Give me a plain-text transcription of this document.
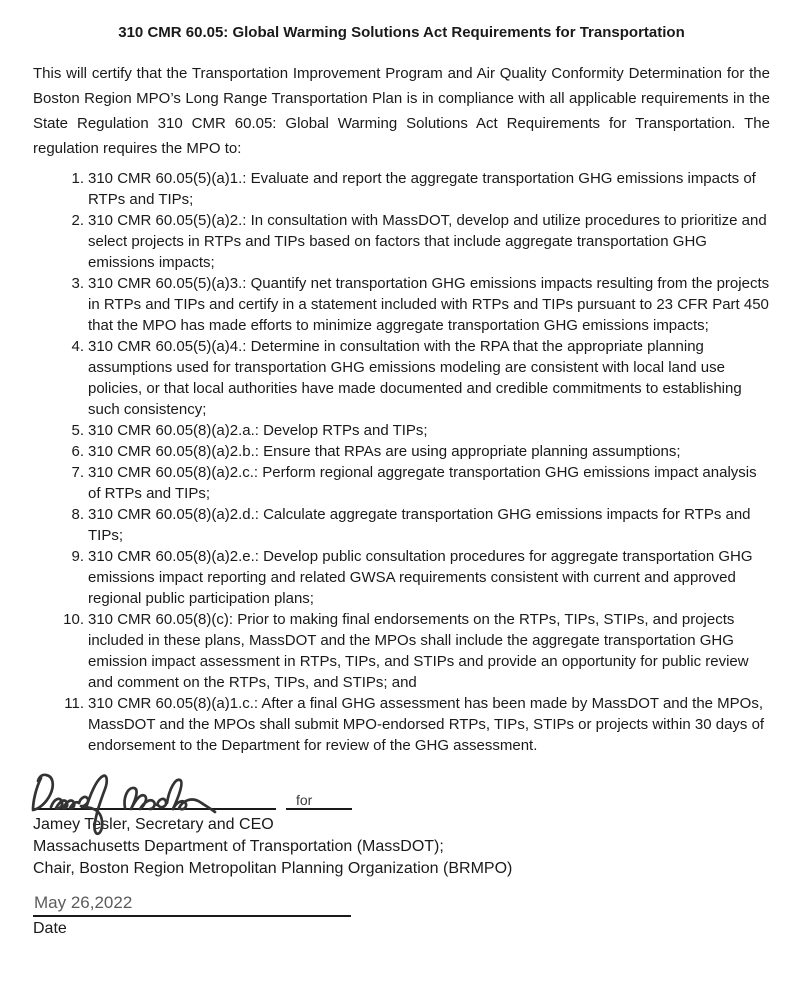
310 CMR 60.05: Global Warming Solutions Act Requirements for Transportation

This will certify that the Transportation Improvement Program and Air Quality Conformity Determination for the Boston Region MPO’s Long Range Transportation Plan is in compliance with all applicable requirements in the State Regulation 310 CMR 60.05: Global Warming Solutions Act Requirements for Transportation. The regulation requires the MPO to:

310 CMR 60.05(5)(a)1.: Evaluate and report the aggregate transportation GHG emissions impacts of RTPs and TIPs;
310 CMR 60.05(5)(a)2.: In consultation with MassDOT, develop and utilize procedures to prioritize and select projects in RTPs and TIPs based on factors that include aggregate transportation GHG emissions impacts;
310 CMR 60.05(5)(a)3.: Quantify net transportation GHG emissions impacts resulting from the projects in RTPs and TIPs and certify in a statement included with RTPs and TIPs pursuant to 23 CFR Part 450 that the MPO has made efforts to minimize aggregate transportation GHG emissions impacts;
310 CMR 60.05(5)(a)4.: Determine in consultation with the RPA that the appropriate planning assumptions used for transportation GHG emissions modeling are consistent with local land use policies, or that local authorities have made documented and credible commitments to establishing such consistency;
310 CMR 60.05(8)(a)2.a.: Develop RTPs and TIPs;
310 CMR 60.05(8)(a)2.b.: Ensure that RPAs are using appropriate planning assumptions;
310 CMR 60.05(8)(a)2.c.: Perform regional aggregate transportation GHG emissions impact analysis of RTPs and TIPs;
310 CMR 60.05(8)(a)2.d.: Calculate aggregate transportation GHG emissions impacts for RTPs and TIPs;
310 CMR 60.05(8)(a)2.e.: Develop public consultation procedures for aggregate transportation GHG emissions impact reporting and related GWSA requirements consistent with current and approved regional public participation plans;
310 CMR 60.05(8)(c): Prior to making final endorsements on the RTPs, TIPs, STIPs, and projects included in these plans, MassDOT and the MPOs shall include the aggregate transportation GHG emission impact assessment in RTPs, TIPs, and STIPs and provide an opportunity for public review and comment on the RTPs, TIPs, and STIPs; and
310 CMR 60.05(8)(a)1.c.: After a final GHG assessment has been made by MassDOT and the MPOs, MassDOT and the MPOs shall submit MPO-endorsed RTPs, TIPs, STIPs or projects within 30 days of endorsement to the Department for review of the GHG assessment.
for
Jamey Tesler, Secretary and CEO
Massachusetts Department of Transportation (MassDOT);
Chair, Boston Region Metropolitan Planning Organization (BRMPO)
May 26,2022
Date
